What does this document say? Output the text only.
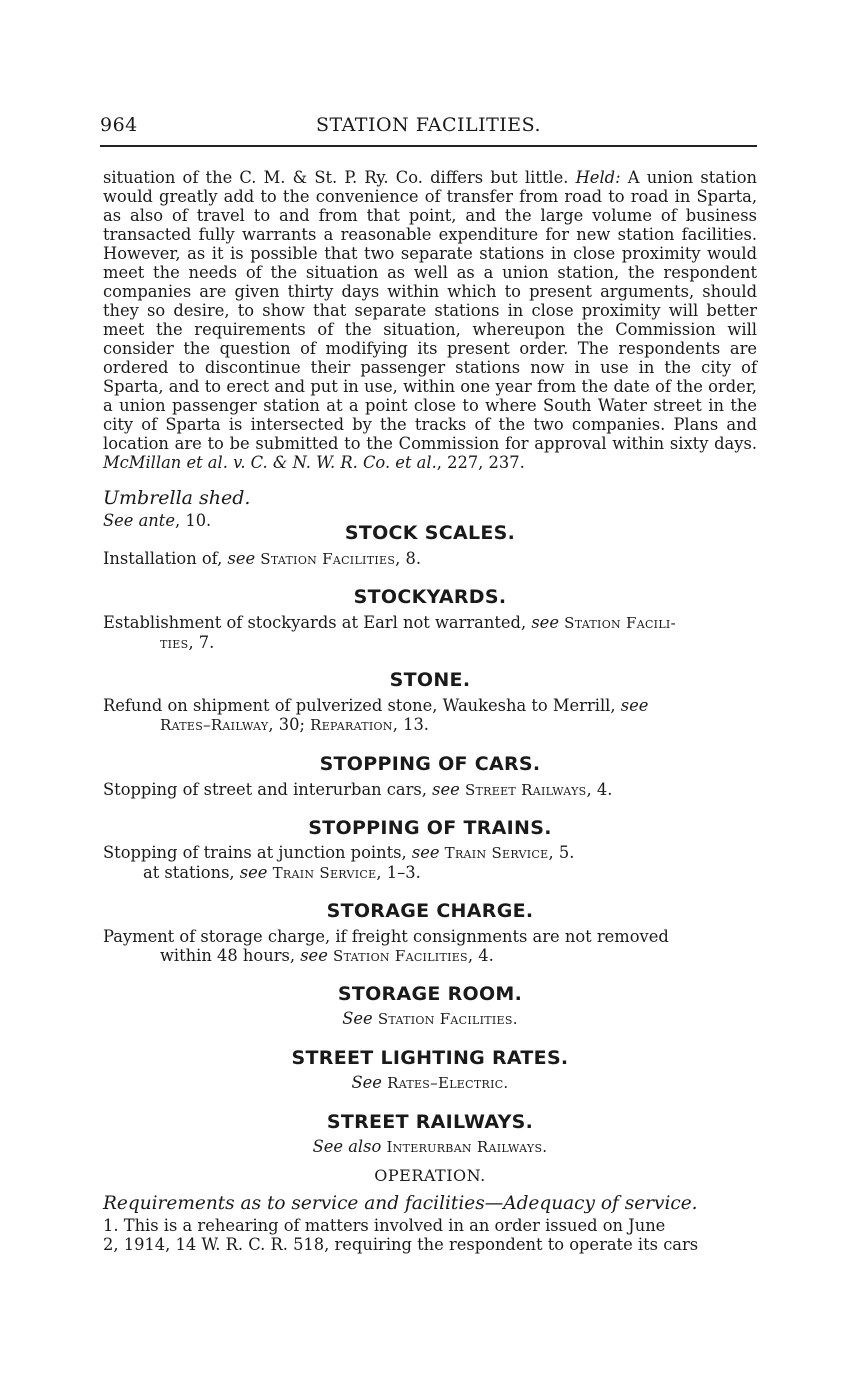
964	STATION FACILITIES.

situation of the C. M. & St. P. Ry. Co. differs but little. Held: A union station would greatly add to the convenience of transfer from road to road in Sparta, as also of travel to and from that point, and the large volume of business transacted fully warrants a reasonable expenditure for new station facilities. However, as it is possible that two separate stations in close proximity would meet the needs of the situation as well as a union station, the respondent companies are given thirty days within which to present arguments, should they so desire, to show that separate stations in close proximity will better meet the requirements of the situation, whereupon the Commission will consider the question of modifying its present order. The respondents are ordered to discontinue their passenger stations now in use in the city of Sparta, and to erect and put in use, within one year from the date of the order, a union passenger station at a point close to where South Water street in the city of Sparta is intersected by the tracks of the two companies. Plans and location are to be submitted to the Commission for approval within sixty days. McMillan et al. v. C. & N. W. R. Co. et al., 227, 237.

Umbrella shed.

See ante, 10.

STOCK SCALES.

Installation of, see Station Facilities, 8.

STOCKYARDS.

Establishment of stockyards at Earl not warranted, see Station Facili-

ties, 7.

STONE.

Refund on shipment of pulverized stone, Waukesha to Merrill, see

Rates–Railway, 30; Reparation, 13.

STOPPING OF CARS.

Stopping of street and interurban cars, see Street Railways, 4.

STOPPING OF TRAINS.

Stopping of trains at junction points, see Train Service, 5.

at stations, see Train Service, 1–3.

STORAGE CHARGE.

Payment of storage charge, if freight consignments are not removed

within 48 hours, see Station Facilities, 4.

STORAGE ROOM.

See Station Facilities.

STREET LIGHTING RATES.

See Rates–Electric.

STREET RAILWAYS.

See also Interurban Railways.

OPERATION.

Requirements as to service and facilities—Adequacy of service.

1. This is a rehearing of matters involved in an order issued on June

2, 1914, 14 W. R. C. R. 518, requiring the respondent to operate its cars
